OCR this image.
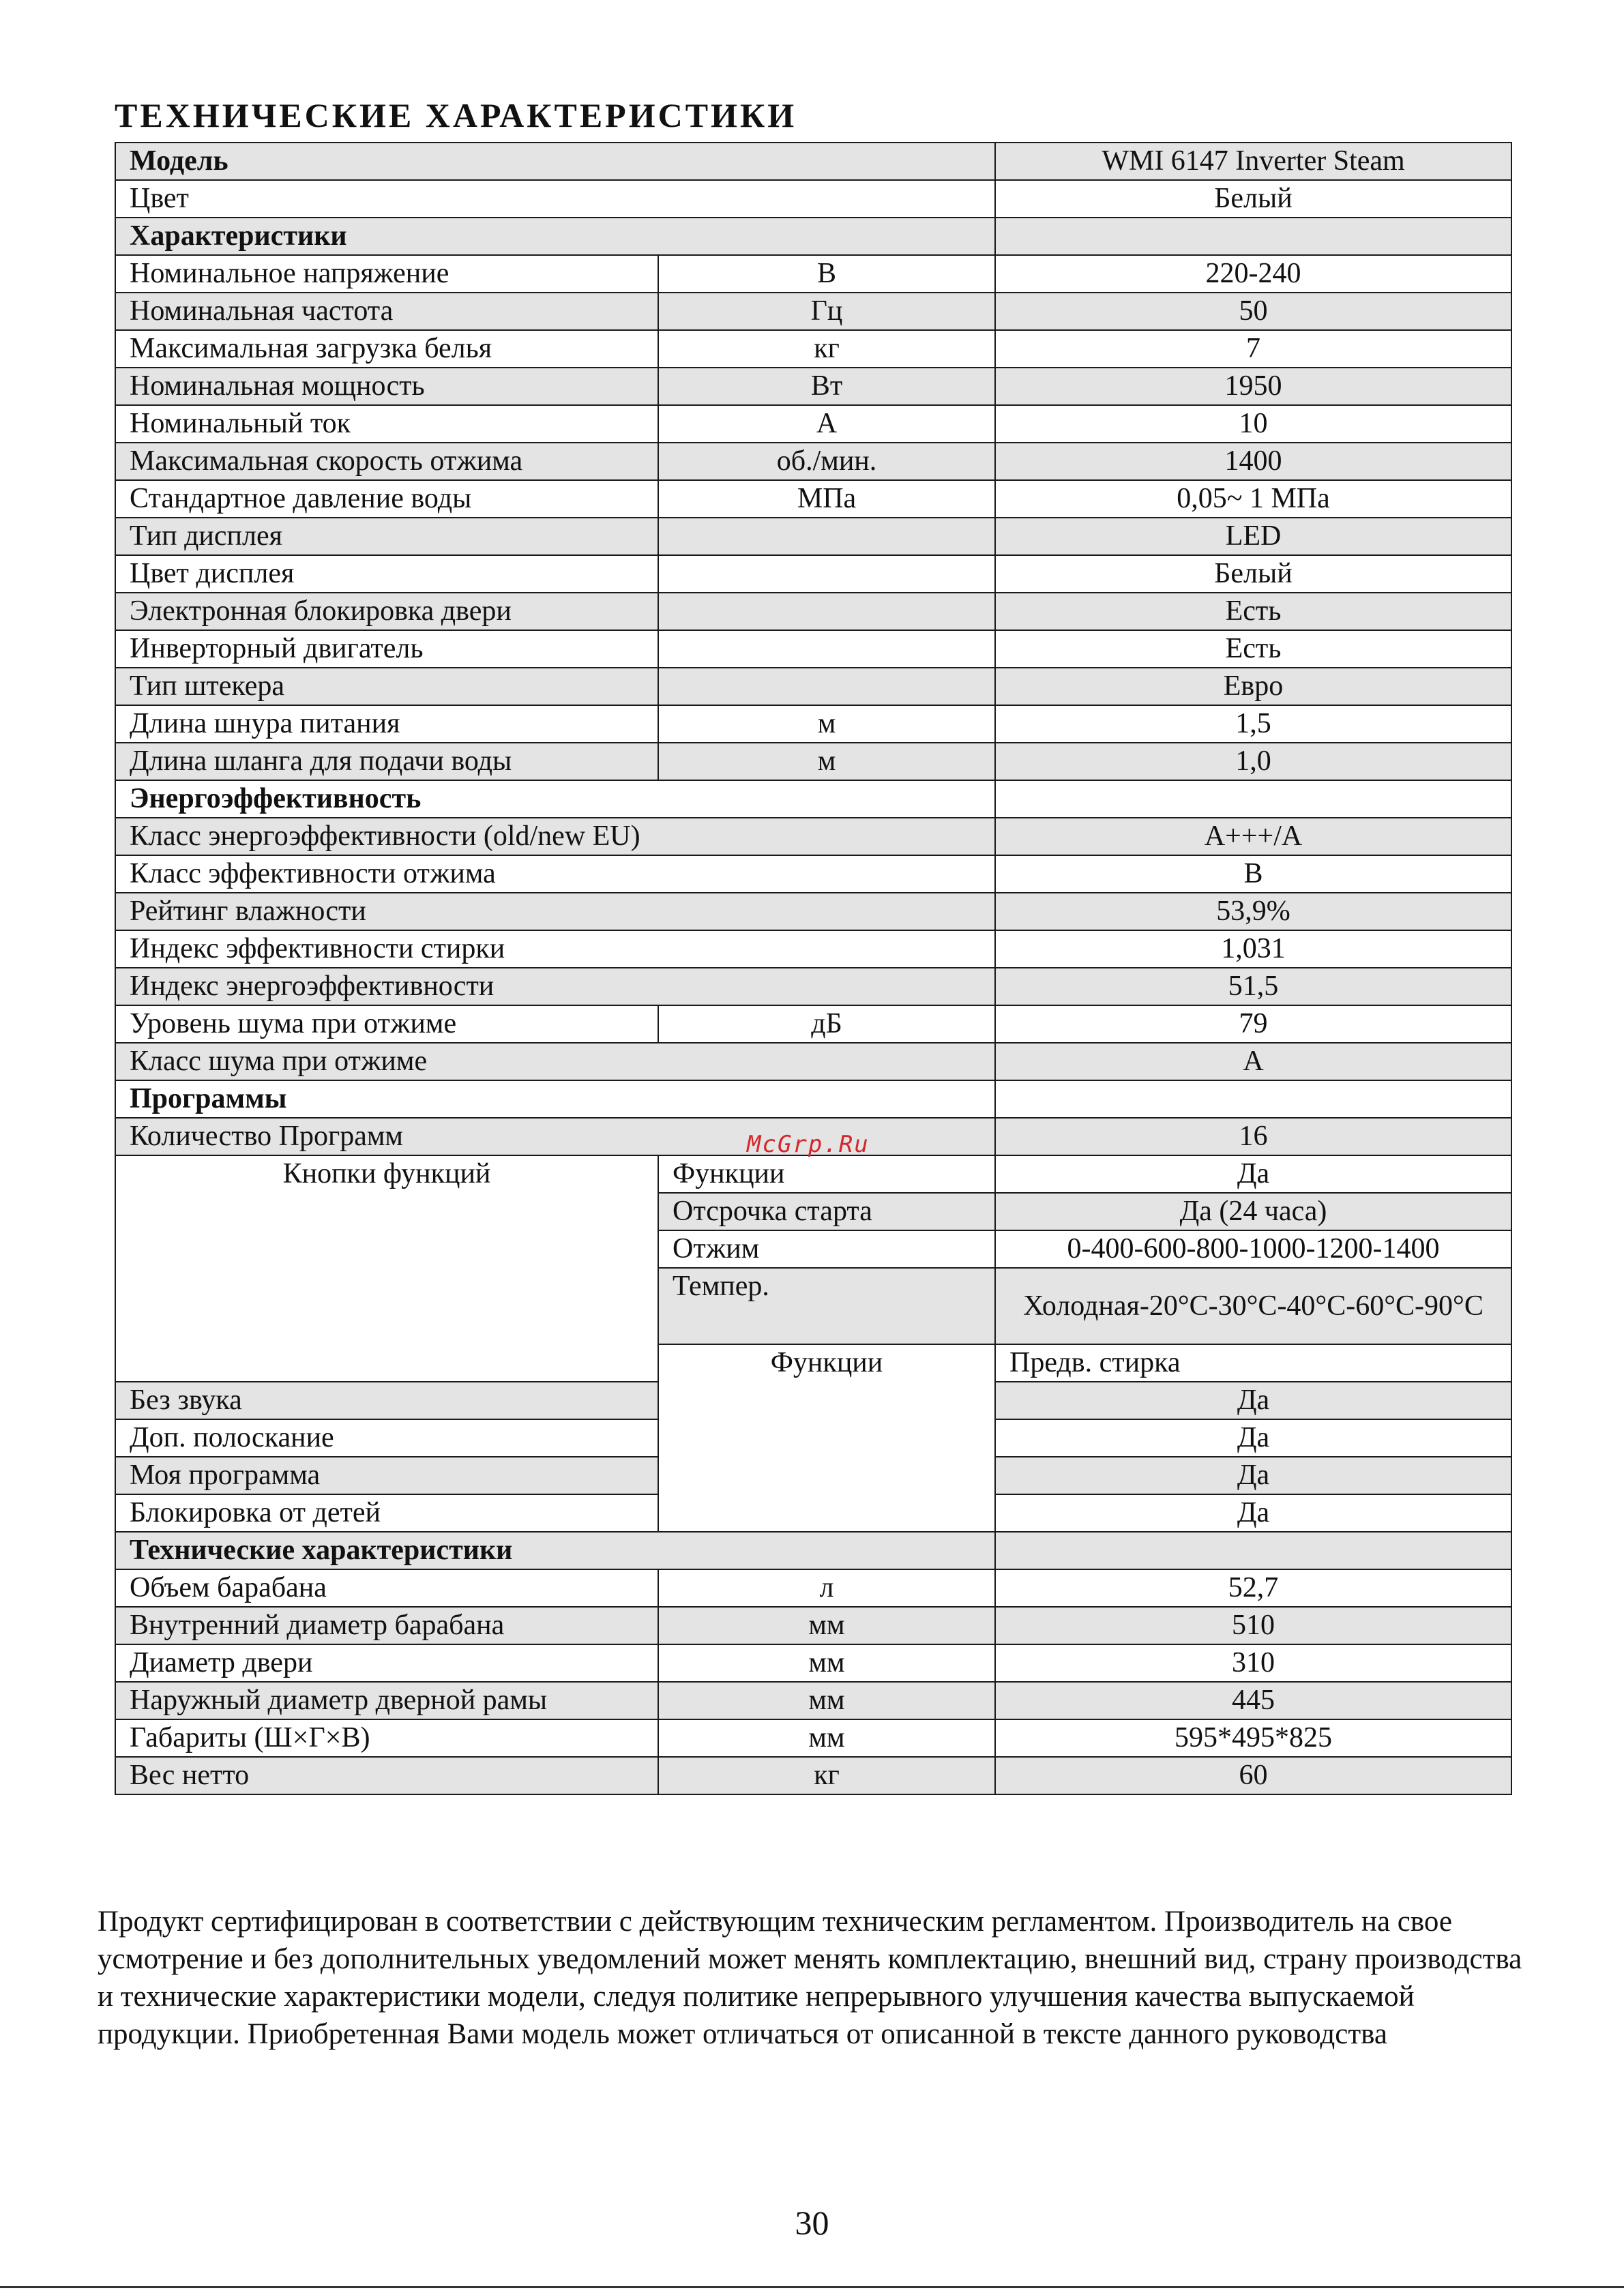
ТЕХНИЧЕСКИЕ ХАРАКТЕРИСТИКИ
Модель		WMI 6147 Inverter Steam	
Цвет		Белый	
Характеристики			
Номинальное напряжение	В	220-240	
Номинальная частота	Гц	50	
Максимальная загрузка белья	кг	7	
Номинальная мощность	Вт	1950	
Номинальный ток	А	10	
Максимальная скорость отжима	об./мин.	1400	
Стандартное давление воды	МПа	0,05~ 1 МПа	
Тип дисплея		LED	
Цвет дисплея		Белый	
Электронная блокировка двери		Есть	
Инверторный двигатель		Есть	
Тип штекера		Евро	
Длина шнура питания	м	1,5	
Длина шланга для подачи воды	м	1,0	
Энергоэффективность			
Класс энергоэффективности (old/new EU)		A+++/A	
Класс эффективности отжима		B	
Рейтинг влажности		53,9%	
Индекс эффективности стирки		1,031	
Индекс энергоэффективности		51,5	
Уровень шума при отжиме	дБ	79	
Класс шума при отжиме		A	
Программы			
Количество Программ		16	
Кнопки функций	Функции	Да	
	Отсрочка старта	Да (24 часа)	
	Отжим	0-400-600-800-1000-1200-1400	
	Темпер.	Холодная-20°С-30°С-40°С-60°С-90°С	
	Функции	Предв. стирка	
Без звука		Да	
Доп. полоскание		Да	
Моя программа		Да	
Блокировка от детей		Да	
Технические характеристики			
Объем барабана	л	52,7	
Внутренний диаметр барабана	мм	510	
Диаметр двери	мм	310	
Наружный диаметр дверной рамы	мм	445	
Габариты (Ш×Г×В)	мм	595*495*825	
Вес нетто	кг	60	
McGrp.Ru

Продукт сертифицирован в соответствии с действующим техническим регламентом. Производитель на свое усмотрение и без дополнительных уведомлений может менять комплектацию, внешний вид, страну производства и технические характеристики модели, следуя политике непрерывного улучшения качества выпускаемой продукции. Приобретенная Вами модель может отличаться от описанной в тексте данного руководства

30
